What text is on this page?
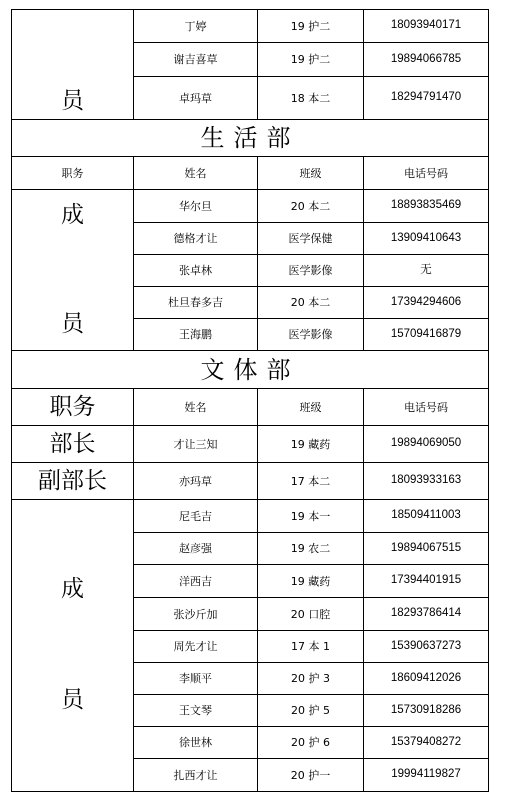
员	丁婷	19 护二	18093940171
	谢吉喜草	19 护二	19894066785
	卓玛草	18 本二	18294791470
生活部			
职务	姓名	班级	电话号码

成
员	华尔旦	20 本二	18893835469
	德格才让	医学保健	13909410643
	张卓林	医学影像	无
	杜旦春多吉	20 本二	17394294606
	王海鹏	医学影像	15709416879
文体部			
职务	姓名	班级	电话号码
部长	才让三知	19 藏药	19894069050
副部长	亦玛草	17 本二	18093933163

成
员	尼毛吉	19 本一	18509411003
	赵彦强	19 农二	19894067515
	洋西吉	19 藏药	17394401915
	张沙斤加	20 口腔	18293786414
	周先才让	17 本 1	15390637273
	李顺平	20 护 3	18609412026
	王文琴	20 护 5	15730918286
	徐世林	20 护 6	15379408272
	扎西才让	20 护一	19994119827
